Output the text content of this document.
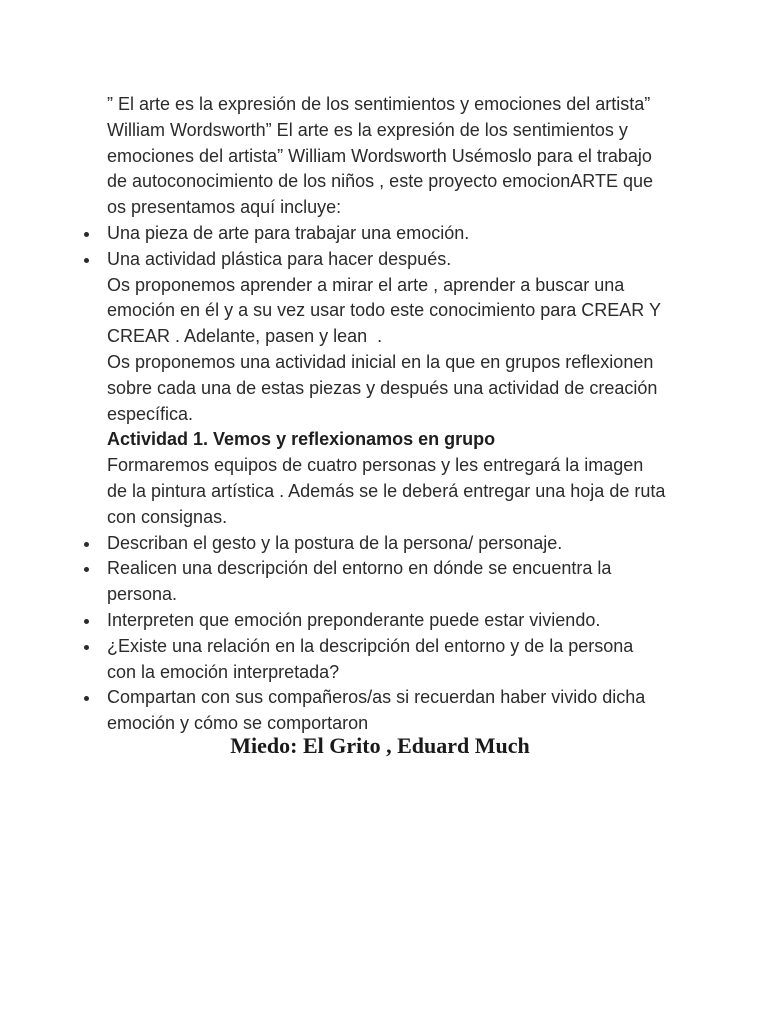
” El arte es la expresión de los sentimientos y emociones del artista” William Wordsworth” El arte es la expresión de los sentimientos y emociones del artista” William Wordsworth Usémoslo para el trabajo de autoconocimiento de los niños , este proyecto emocionARTE que os presentamos aquí incluye:

Una pieza de arte para trabajar una emoción.
Una actividad plástica para hacer después.

Os proponemos aprender a mirar el arte , aprender a buscar una emoción en él y a su vez usar todo este conocimiento para CREAR Y CREAR . Adelante, pasen y lean  .

Os proponemos una actividad inicial en la que en grupos reflexionen sobre cada una de estas piezas y después una actividad de creación específica.

Actividad 1. Vemos y reflexionamos en grupo

Formaremos equipos de cuatro personas y les entregará la imagen de la pintura artística . Además se le deberá entregar una hoja de ruta con consignas.

Describan el gesto y la postura de la persona/ personaje.
Realicen una descripción del entorno en dónde se encuentra la persona.
Interpreten que emoción preponderante puede estar viviendo.
¿Existe una relación en la descripción del entorno y de la persona con la emoción interpretada?
Compartan con sus compañeros/as si recuerdan haber vivido dicha emoción y cómo se comportaron
Miedo: El Grito , Eduard Much
